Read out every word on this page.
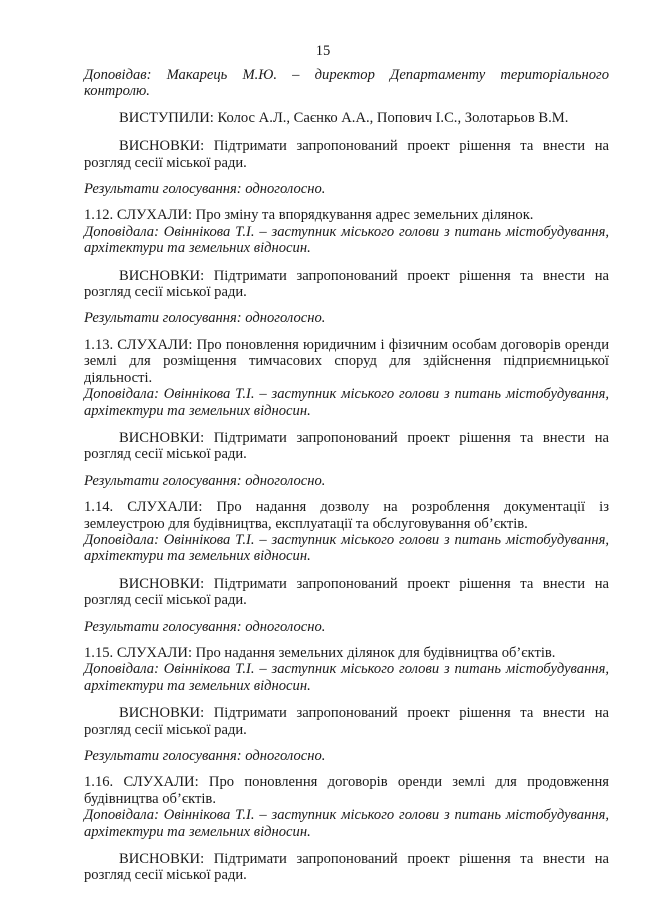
15

Доповідав: Макарець М.Ю. – директор Департаменту територіального контролю.

ВИСТУПИЛИ: Колос А.Л., Саєнко А.А., Попович І.С., Золотарьов В.М.

ВИСНОВКИ: Підтримати запропонований проект рішення та внести на розгляд сесії міської ради.

Результати голосування: одноголосно.

1.12. СЛУХАЛИ: Про зміну та впорядкування адрес земельних ділянок.

Доповідала: Овіннікова Т.І. – заступник міського голови з питань містобудування, архітектури та земельних відносин.

ВИСНОВКИ: Підтримати запропонований проект рішення та внести на розгляд сесії міської ради.

Результати голосування: одноголосно.

1.13. СЛУХАЛИ: Про поновлення юридичним і фізичним особам договорів оренди землі для розміщення тимчасових споруд для здійснення підприємницької діяльності.

Доповідала: Овіннікова Т.І. – заступник міського голови з питань містобудування, архітектури та земельних відносин.

ВИСНОВКИ: Підтримати запропонований проект рішення та внести на розгляд сесії міської ради.

Результати голосування: одноголосно.

1.14. СЛУХАЛИ: Про надання дозволу на розроблення документації із землеустрою для будівництва, експлуатації та обслуговування об’єктів.

Доповідала: Овіннікова Т.І. – заступник міського голови з питань містобудування, архітектури та земельних відносин.

ВИСНОВКИ: Підтримати запропонований проект рішення та внести на розгляд сесії міської ради.

Результати голосування: одноголосно.

1.15. СЛУХАЛИ: Про надання земельних ділянок для будівництва об’єктів.

Доповідала: Овіннікова Т.І. – заступник міського голови з питань містобудування, архітектури та земельних відносин.

ВИСНОВКИ: Підтримати запропонований проект рішення та внести на розгляд сесії міської ради.

Результати голосування: одноголосно.

1.16. СЛУХАЛИ: Про поновлення договорів оренди землі для продовження будівництва об’єктів.

Доповідала: Овіннікова Т.І. – заступник міського голови з питань містобудування, архітектури та земельних відносин.

ВИСНОВКИ: Підтримати запропонований проект рішення та внести на розгляд сесії міської ради.
